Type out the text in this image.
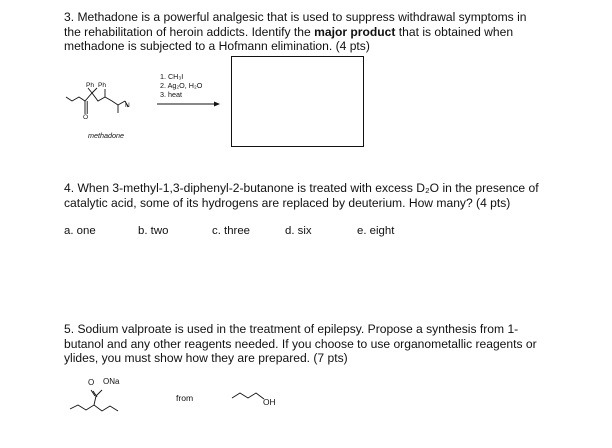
3. Methadone is a powerful analgesic that is used to suppress withdrawal symptoms in the rehabilitation of heroin addicts. Identify the major product that is obtained when methadone is subjected to a Hofmann elimination. (4 pts)
Ph Ph
O
N
methadone
1. CH₃I
2. Ag₂O, H₂O
3. heat
4. When 3-methyl-1,3-diphenyl-2-butanone is treated with excess D₂O in the presence of catalytic acid, some of its hydrogens are replaced by deuterium. How many? (4 pts)
a. one	b. two	c. three	d. six	e. eight
5. Sodium valproate is used in the treatment of epilepsy. Propose a synthesis from 1-butanol and any other reagents needed. If you choose to use organometallic reagents or ylides, you must show how they are prepared. (7 pts)
O ONa
from	OH
